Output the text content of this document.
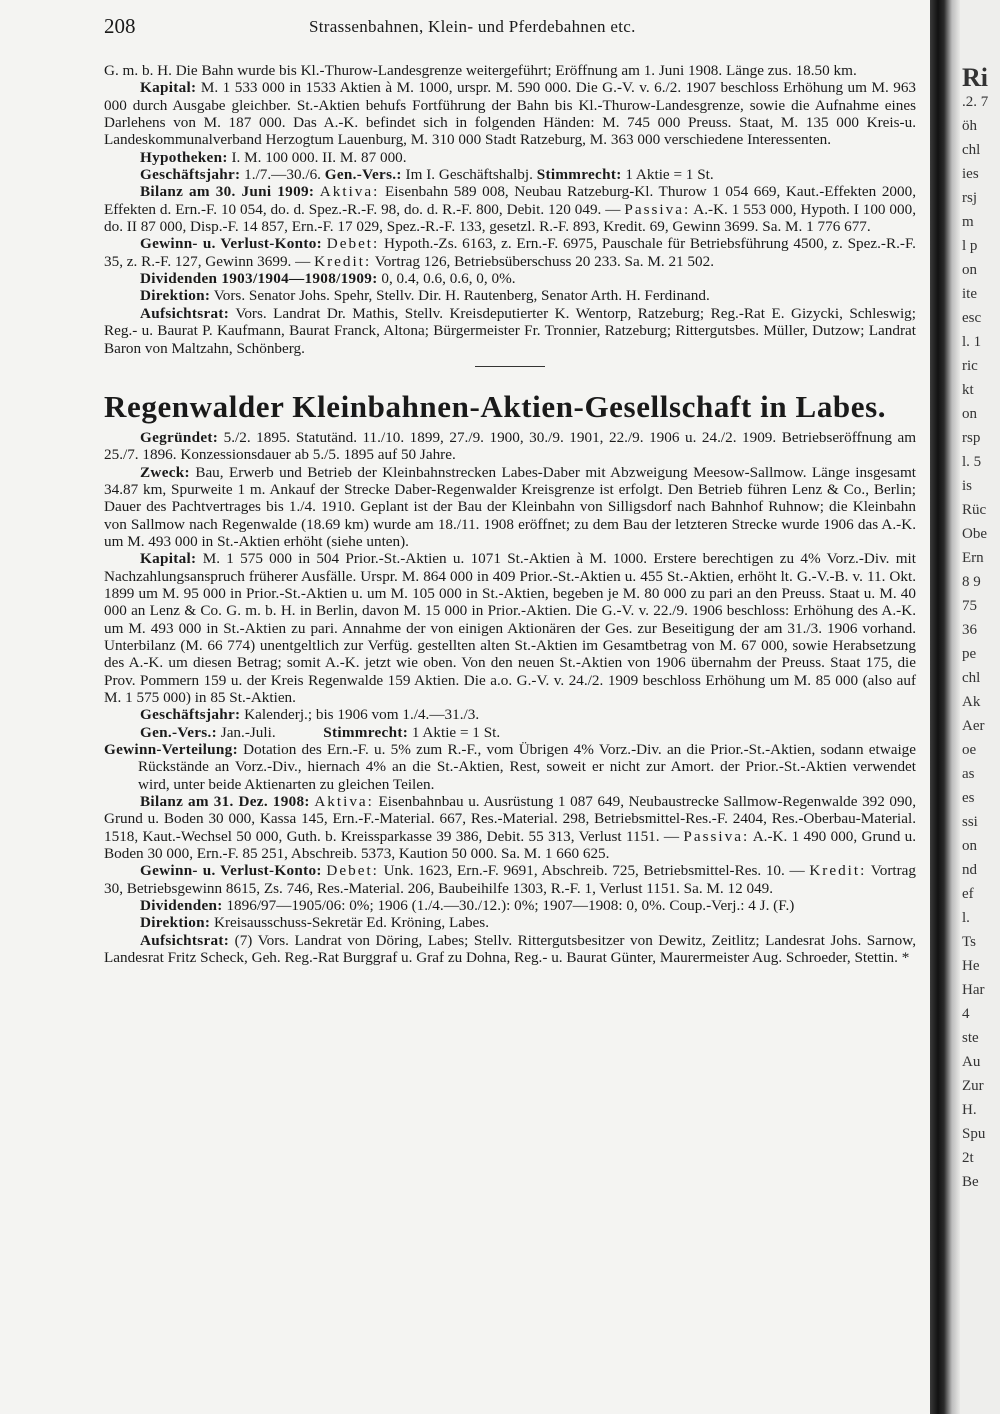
208	Strassenbahnen, Klein- und Pferdebahnen etc.

G. m. b. H. Die Bahn wurde bis Kl.-Thurow-Landesgrenze weitergeführt; Eröffnung am 1. Juni 1908. Länge zus. 18.50 km.

Kapital: M. 1 533 000 in 1533 Aktien à M. 1000, urspr. M. 590 000. Die G.-V. v. 6./2. 1907 beschloss Erhöhung um M. 963 000 durch Ausgabe gleichber. St.-Aktien behufs Fortführung der Bahn bis Kl.-Thurow-Landesgrenze, sowie die Aufnahme eines Darlehens von M. 187 000. Das A.-K. befindet sich in folgenden Händen: M. 745 000 Preuss. Staat, M. 135 000 Kreis-u. Landeskommunalverband Herzogtum Lauenburg, M. 310 000 Stadt Ratzeburg, M. 363 000 verschiedene Interessenten.

Hypotheken: I. M. 100 000. II. M. 87 000.

Geschäftsjahr: 1./7.—30./6. Gen.-Vers.: Im I. Geschäftshalbj. Stimmrecht: 1 Aktie = 1 St.

Bilanz am 30. Juni 1909: Aktiva: Eisenbahn 589 008, Neubau Ratzeburg-Kl. Thurow 1 054 669, Kaut.-Effekten 2000, Effekten d. Ern.-F. 10 054, do. d. Spez.-R.-F. 98, do. d. R.-F. 800, Debit. 120 049. — Passiva: A.-K. 1 553 000, Hypoth. I 100 000, do. II 87 000, Disp.-F. 14 857, Ern.-F. 17 029, Spez.-R.-F. 133, gesetzl. R.-F. 893, Kredit. 69, Gewinn 3699. Sa. M. 1 776 677.

Gewinn- u. Verlust-Konto: Debet: Hypoth.-Zs. 6163, z. Ern.-F. 6975, Pauschale für Betriebsführung 4500, z. Spez.-R.-F. 35, z. R.-F. 127, Gewinn 3699. — Kredit: Vortrag 126, Betriebsübersch​uss 20 233. Sa. M. 21 502.

Dividenden 1903/1904—1908/1909: 0, 0.4, 0.6, 0.6, 0, 0%.

Direktion: Vors. Senator Johs. Spehr, Stellv. Dir. H. Rautenberg, Senator Arth. H. Ferdinand.

Aufsichtsrat: Vors. Landrat Dr. Mathis, Stellv. Kreisdeputierter K. Wentorp, Ratzeburg; Reg.-Rat E. Gizycki, Schleswig; Reg.- u. Baurat P. Kaufmann, Baurat Franck, Altona; Bürgermeister Fr. Tronnier, Ratzeburg; Rittergutsbes. Müller, Dutzow; Landrat Baron von Maltzahn, Schönberg.

Regenwalder Kleinbahnen-Aktien-Gesellschaft in Labes.

Gegründet: 5./2. 1895. Statutänd. 11./10. 1899, 27./9. 1900, 30./9. 1901, 22./9. 1906 u. 24./2. 1909. Betriebseröffnung am 25./7. 1896. Konzessionsdauer ab 5./5. 1895 auf 50 Jahre.

Zweck: Bau, Erwerb und Betrieb der Kleinbahnstrecken Labes-Daber mit Abzweigung Meesow-Sallmow. Länge insgesamt 34.87 km, Spurweite 1 m. Ankauf der Strecke Daber-Regenwalder Kreisgrenze ist erfolgt. Den Betrieb führen Lenz & Co., Berlin; Dauer des Pachtvertrages bis 1./4. 1910. Geplant ist der Bau der Kleinbahn von Silligsdorf nach Bahnhof Ruhnow; die Kleinbahn von Sallmow nach Regenwalde (18.69 km) wurde am 18./11. 1908 eröffnet; zu dem Bau der letzteren Strecke wurde 1906 das A.-K. um M. 493 000 in St.-Aktien erhöht (siehe unten).

Kapital: M. 1 575 000 in 504 Prior.-St.-Aktien u. 1071 St.-Aktien à M. 1000. Erstere berechtigen zu 4% Vorz.-Div. mit Nachzahlungsanspruch früherer Ausfälle. Urspr. M. 864 000 in 409 Prior.-St.-Aktien u. 455 St.-Aktien, erhöht lt. G.-V.-B. v. 11. Okt. 1899 um M. 95 000 in Prior.-St.-Aktien u. um M. 105 000 in St.-Aktien, begeben je M. 80 000 zu pari an den Preuss. Staat u. M. 40 000 an Lenz & Co. G. m. b. H. in Berlin, davon M. 15 000 in Prior.-Aktien. Die G.-V. v. 22./9. 1906 beschloss: Erhöhung des A.-K. um M. 493 000 in St.-Aktien zu pari. Annahme der von einigen Aktionären der Ges. zur Beseitigung der am 31./3. 1906 vorhand. Unterbilanz (M. 66 774) unentgeltlich zur Verfüg. gestellten alten St.-Aktien im Gesamtbetrag von M. 67 000, sowie Herabsetzung des A.-K. um diesen Betrag; somit A.-K. jetzt wie oben. Von den neuen St.-Aktien von 1906 übernahm der Preuss. Staat 175, die Prov. Pommern 159 u. der Kreis Regenwalde 159 Aktien. Die a.o. G.-V. v. 24./2. 1909 beschloss Erhöhung um M. 85 000 (also auf M. 1 575 000) in 85 St.-Aktien.

Geschäftsjahr: Kalenderj.; bis 1906 vom 1./4.—31./3.

Gen.-Vers.: Jan.-Juli.	Stimmrecht: 1 Aktie = 1 St.

Gewinn-Verteilung: Dotation des Ern.-F. u. 5% zum R.-F., vom Übrigen 4% Vorz.-Div. an die Prior.-St.-Aktien, sodann etwaige Rückstände an Vorz.-Div., hiernach 4% an die St.-Aktien, Rest, soweit er nicht zur Amort. der Prior.-St.-Aktien verwendet wird, unter beide Aktienarten zu gleichen Teilen.

Bilanz am 31. Dez. 1908: Aktiva: Eisenbahnbau u. Ausrüstung 1 087 649, Neubaustrecke Sallmow-Regenwalde 392 090, Grund u. Boden 30 000, Kassa 145, Ern.-F.-Material. 667, Res.-Material. 298, Betriebsmittel-Res.-F. 2404, Res.-Oberbau-Material. 1518, Kaut.-Wechsel 50 000, Guth. b. Kreissparkasse 39 386, Debit. 55 313, Verlust 1151. — Passiva: A.-K. 1 490 000, Grund u. Boden 30 000, Ern.-F. 85 251, Abschreib. 5373, Kaution 50 000. Sa. M. 1 660 625.

Gewinn- u. Verlust-Konto: Debet: Unk. 1623, Ern.-F. 9691, Abschreib. 725, Betriebsmittel-Res. 10. — Kredit: Vortrag 30, Betriebsgewinn 8615, Zs. 746, Res.-Material. 206, Baubeihilfe 1303, R.-F. 1, Verlust 1151. Sa. M. 12 049.

Dividenden: 1896/97—1905/06: 0%; 1906 (1./4.—30./12.): 0%; 1907—1908: 0, 0%. Coup.-Verj.: 4 J. (F.)

Direktion: Kreisausschuss-Sekretär Ed. Kröning, Labes.

Aufsichtsrat: (7) Vors. Landrat von Döring, Labes; Stellv. Rittergutsbesitzer von Dewitz, Zeitlitz; Landesrat Johs. Sarnow, Landesrat Fritz Scheck, Geh. Reg.-Rat Burggraf u. Graf zu Dohna, Reg.- u. Baurat Günter, Maurermeister Aug. Schroeder, Stettin. *

Ri
.2. 7
öh
chl
ies
rsj
m
l p
on
ite
esc
l. 1
ric
kt
on
rsp
l. 5
is
Rüc
Obe
Ern
8 9
75
36
pe
chl
Ak
Aer
oe
as
es
ssi
on
nd
ef
l.
Ts
He
Har
4
ste
Au
Zur
H.
Spu
2t
Be
